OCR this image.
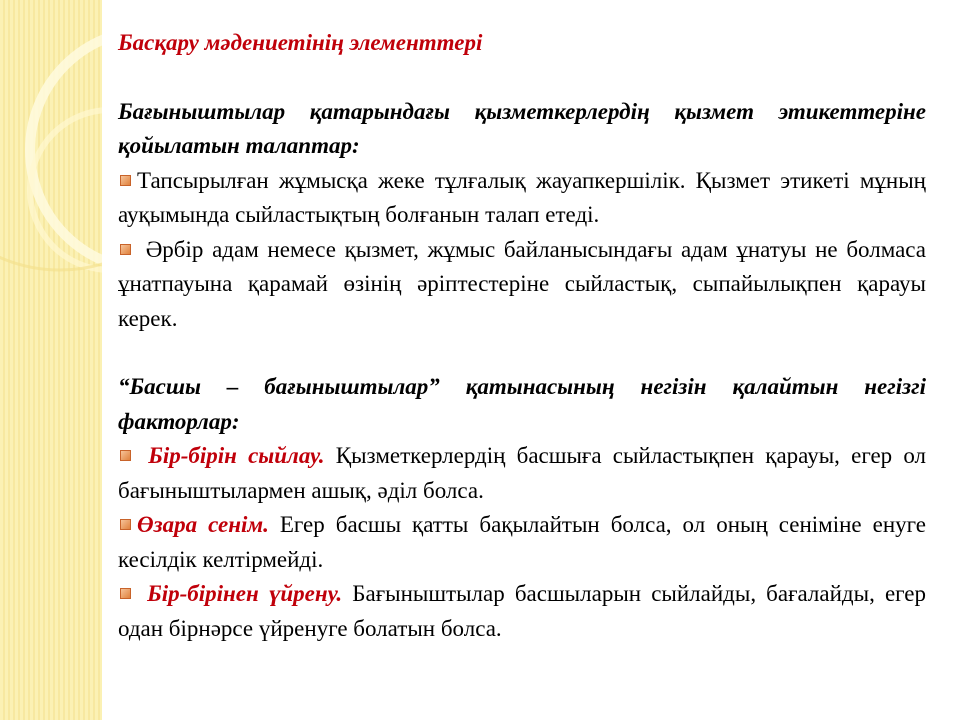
Басқару мәдениетінің элементтері

Бағыныштылар қатарындағы қызметкерлердің қызмет этикеттеріне қойылатын талаптар:

Тапсырылған жұмысқа жеке тұлғалық жауапкершілік. Қызмет этикеті мұның ауқымында сыйластықтың болғанын талап етеді.

Әрбір адам немесе қызмет, жұмыс байланысындағы адам ұнатуы не болмаса ұнатпауына қарамай өзінің әріптестеріне сыйластық, сыпайылықпен қарауы керек.

“Басшы – бағыныштылар” қатынасының негізін қалайтын негізгі факторлар:

Бір-бірін сыйлау. Қызметкерлердің басшыға сыйластықпен қарауы, егер ол бағыныштылармен ашық, әділ болса.

Өзара сенім. Егер басшы қатты бақылайтын болса, ол оның сеніміне енуге кесілдік келтірмейді.

Бір-бірінен үйрену. Бағыныштылар басшыларын сыйлайды, бағалайды, егер одан бірнәрсе үйренуге болатын болса.
